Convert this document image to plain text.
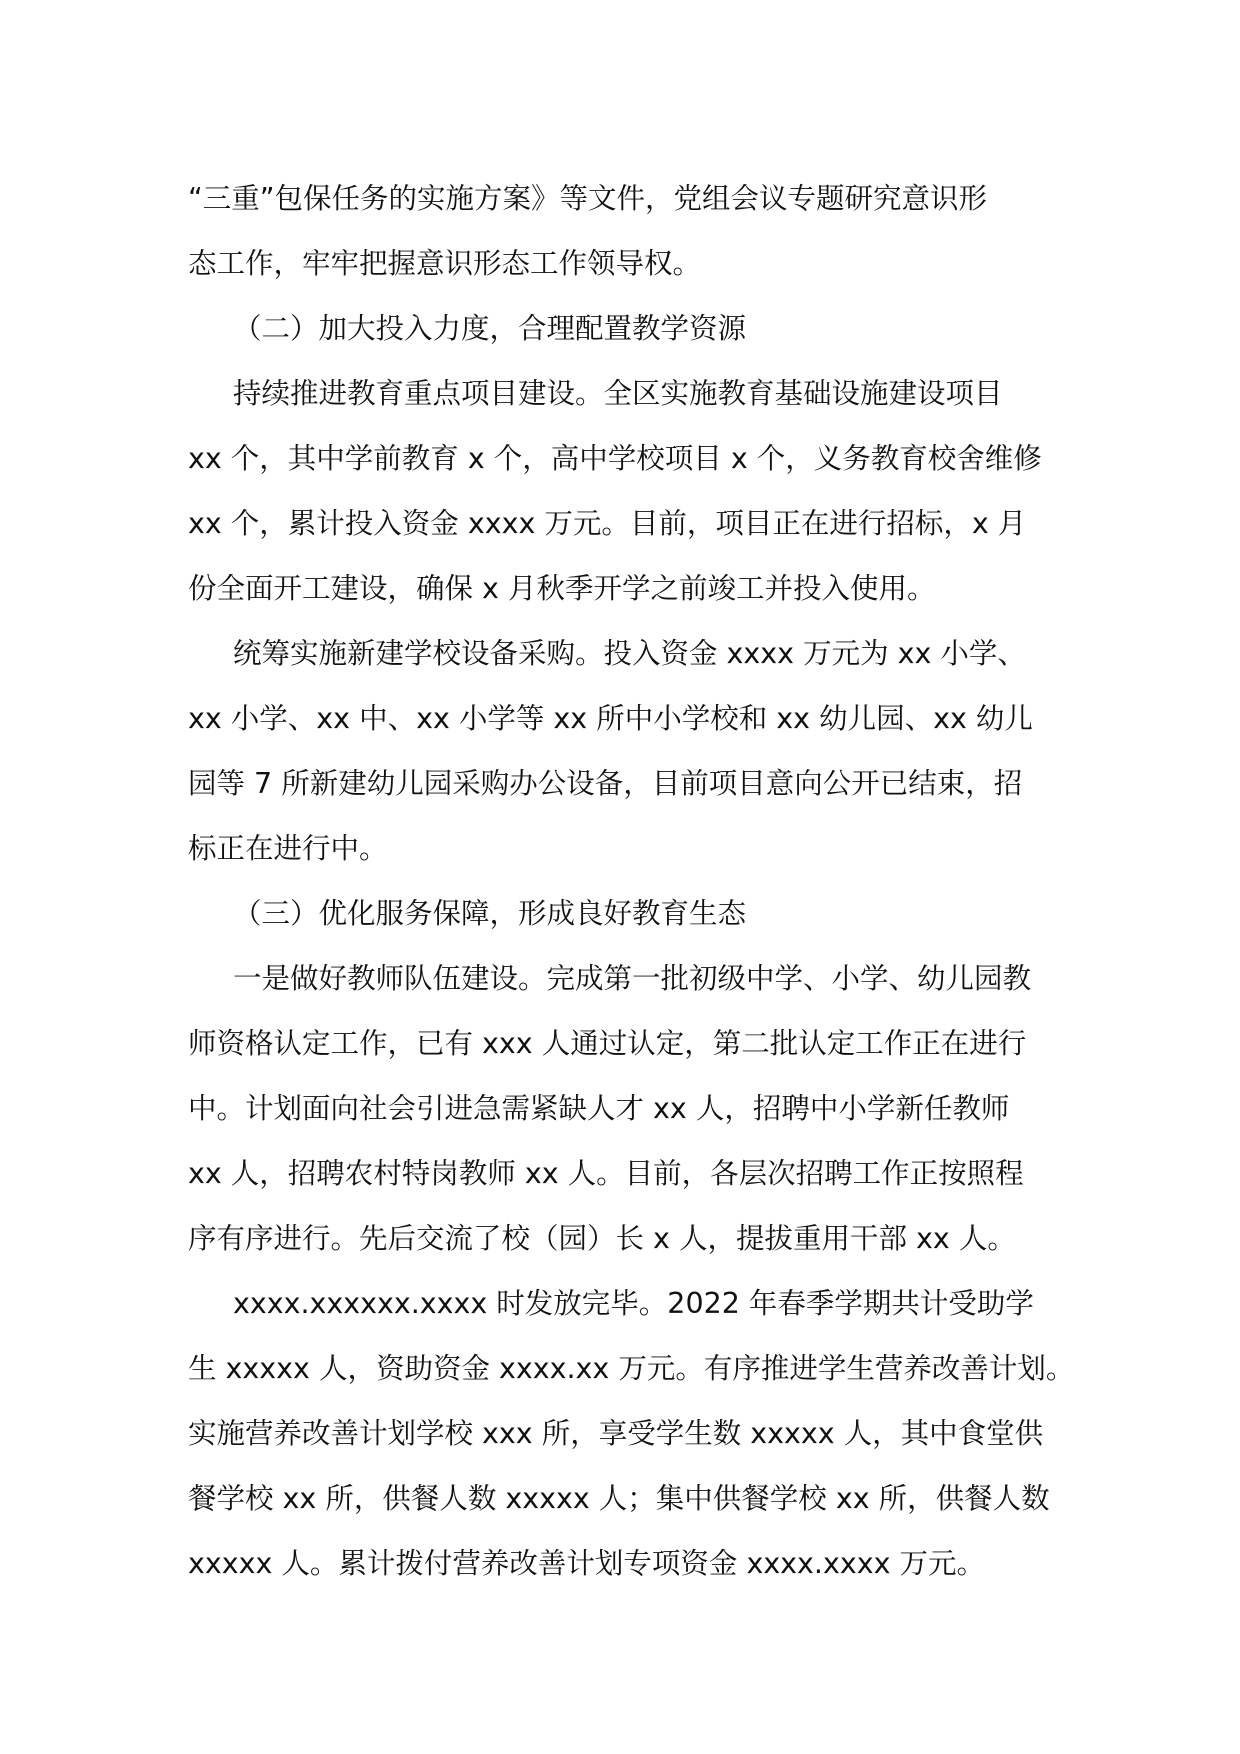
“三重”包保任务的实施方案》等文件，党组会议专题研究意识形
态工作，牢牢把握意识形态工作领导权。
（二）加大投入力度，合理配置教学资源
持续推进教育重点项目建设。全区实施教育基础设施建设项目
xx 个，其中学前教育 x 个，高中学校项目 x 个，义务教育校舍维修
xx 个，累计投入资金 xxxx 万元。目前，项目正在进行招标，x 月
份全面开工建设，确保 x 月秋季开学之前竣工并投入使用。
统筹实施新建学校设备采购。投入资金 xxxx 万元为 xx 小学、
xx 小学、xx 中、xx 小学等 xx 所中小学校和 xx 幼儿园、xx 幼儿
园等 7 所新建幼儿园采购办公设备，目前项目意向公开已结束，招
标正在进行中。
（三）优化服务保障，形成良好教育生态
一是做好教师队伍建设。完成第一批初级中学、小学、幼儿园教
师资格认定工作，已有 xxx 人通过认定，第二批认定工作正在进行
中。计划面向社会引进急需紧缺人才 xx 人，招聘中小学新任教师
xx 人，招聘农村特岗教师 xx 人。目前，各层次招聘工作正按照程
序有序进行。先后交流了校（园）长 x 人，提拔重用干部 xx 人。
xxxx.xxxxxx.xxxx 时发放完毕。2022 年春季学期共计受助学
生 xxxxx 人，资助资金 xxxx.xx 万元。有序推进学生营养改善计划。
实施营养改善计划学校 xxx 所，享受学生数 xxxxx 人，其中食堂供
餐学校 xx 所，供餐人数 xxxxx 人；集中供餐学校 xx 所，供餐人数
xxxxx 人。累计拨付营养改善计划专项资金 xxxx.xxxx 万元。
